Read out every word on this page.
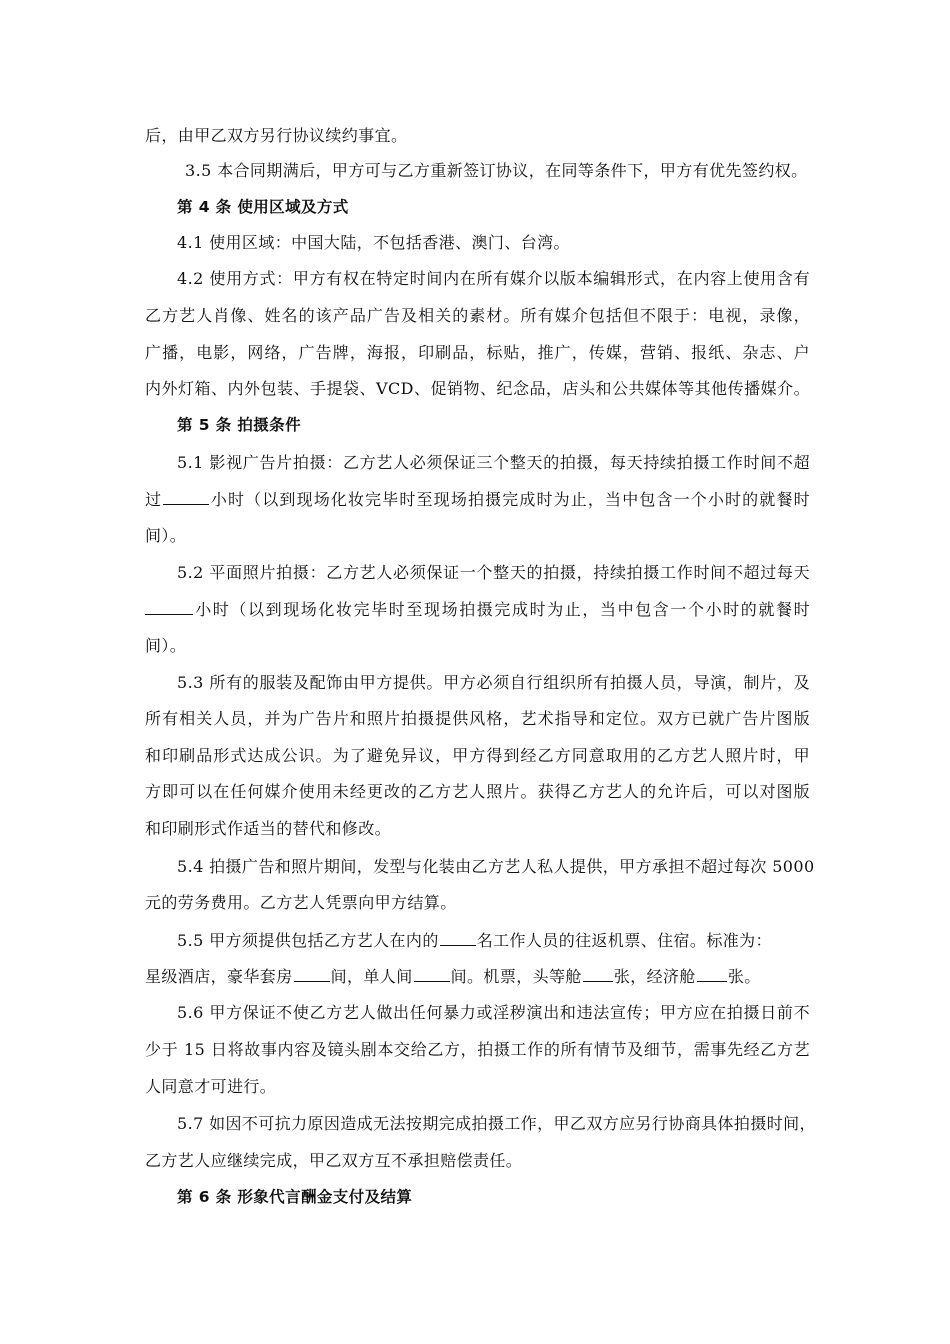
后，由甲乙双方另行协议续约事宜。
3.5 本合同期满后，甲方可与乙方重新签订协议，在同等条件下，甲方有优先签约权。
第 4 条 使用区域及方式
4.1 使用区域：中国大陆，不包括香港、澳门、台湾。
4.2 使用方式：甲方有权在特定时间内在所有媒介以版本编辑形式，在内容上使用含有
乙方艺人肖像、姓名的该产品广告及相关的素材。所有媒介包括但不限于：电视，录像，
广播，电影，网络，广告牌，海报，印刷品，标贴，推广，传媒，营销、报纸、杂志、户
内外灯箱、内外包装、手提袋、VCD、促销物、纪念品，店头和公共媒体等其他传播媒介。
第 5 条 拍摄条件
5.1 影视广告片拍摄：乙方艺人必须保证三个整天的拍摄，每天持续拍摄工作时间不超
过	小时（以到现场化妆完毕时至现场拍摄完成时为止，当中包含一个小时的就餐时
间）。
5.2 平面照片拍摄：乙方艺人必须保证一个整天的拍摄，持续拍摄工作时间不超过每天
小时（以到现场化妆完毕时至现场拍摄完成时为止，当中包含一个小时的就餐时
间）。
5.3 所有的服装及配饰由甲方提供。甲方必须自行组织所有拍摄人员，导演，制片，及
所有相关人员，并为广告片和照片拍摄提供风格，艺术指导和定位。双方已就广告片图版
和印刷品形式达成公识。为了避免异议，甲方得到经乙方同意取用的乙方艺人照片时，甲
方即可以在任何媒介使用未经更改的乙方艺人照片。获得乙方艺人的允许后，可以对图版
和印刷形式作适当的替代和修改。
5.4 拍摄广告和照片期间，发型与化装由乙方艺人私人提供，甲方承担不超过每次 5000
元的劳务费用。乙方艺人凭票向甲方结算。
5.5 甲方须提供包括乙方艺人在内的 名工作人员的往返机票、住宿。标准为：
星级酒店，豪华套房 间，单人间 间。机票，头等舱 张，经济舱 张。
5.6 甲方保证不使乙方艺人做出任何暴力或淫秽演出和违法宣传；甲方应在拍摄日前不
少于 15 日将故事内容及镜头剧本交给乙方，拍摄工作的所有情节及细节，需事先经乙方艺
人同意才可进行。
5.7 如因不可抗力原因造成无法按期完成拍摄工作，甲乙双方应另行协商具体拍摄时间，
乙方艺人应继续完成，甲乙双方互不承担赔偿责任。
第 6 条 形象代言酬金支付及结算
